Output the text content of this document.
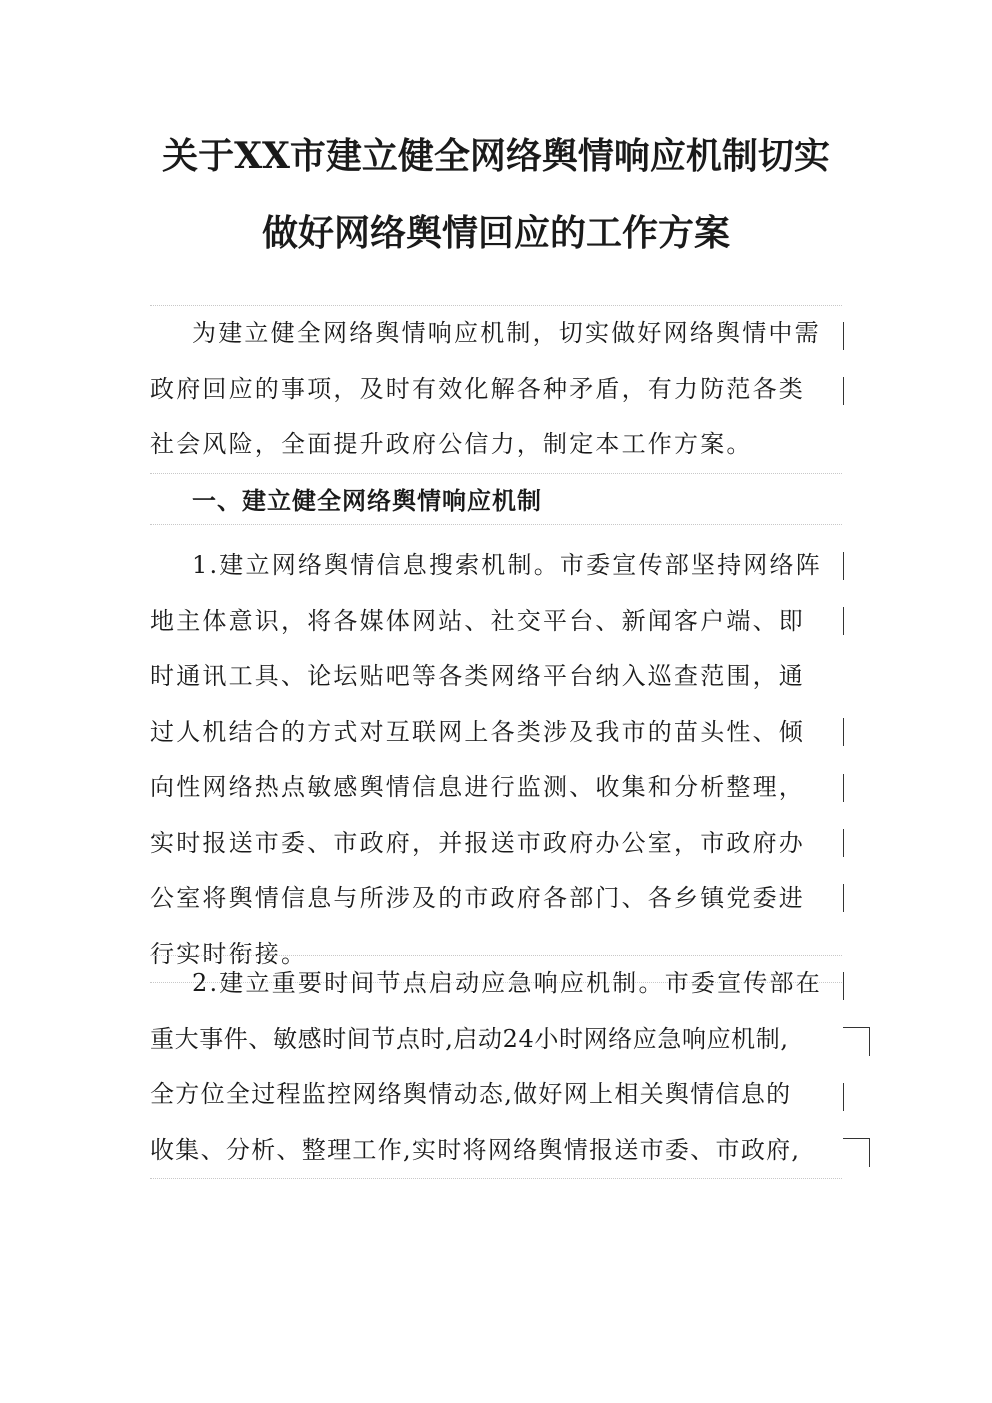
关于XX市建立健全网络舆情响应机制切实
做好网络舆情回应的工作方案
为建立健全网络舆情响应机制，切实做好网络舆情中需
政府回应的事项，及时有效化解各种矛盾，有力防范各类
社会风险，全面提升政府公信力，制定本工作方案。
一、建立健全网络舆情响应机制
1.建立网络舆情信息搜索机制。市委宣传部坚持网络阵
地主体意识，将各媒体网站、社交平台、新闻客户端、即
时通讯工具、论坛贴吧等各类网络平台纳入巡查范围，通
过人机结合的方式对互联网上各类涉及我市的苗头性、倾
向性网络热点敏感舆情信息进行监测、收集和分析整理，
实时报送市委、市政府，并报送市政府办公室，市政府办
公室将舆情信息与所涉及的市政府各部门、各乡镇党委进
行实时衔接。
2.建立重要时间节点启动应急响应机制。市委宣传部在
重大事件、敏感时间节点时,启动24小时网络应急响应机制,
全方位全过程监控网络舆情动态,做好网上相关舆情信息的
收集、分析、整理工作,实时将网络舆情报送市委、市政府,
